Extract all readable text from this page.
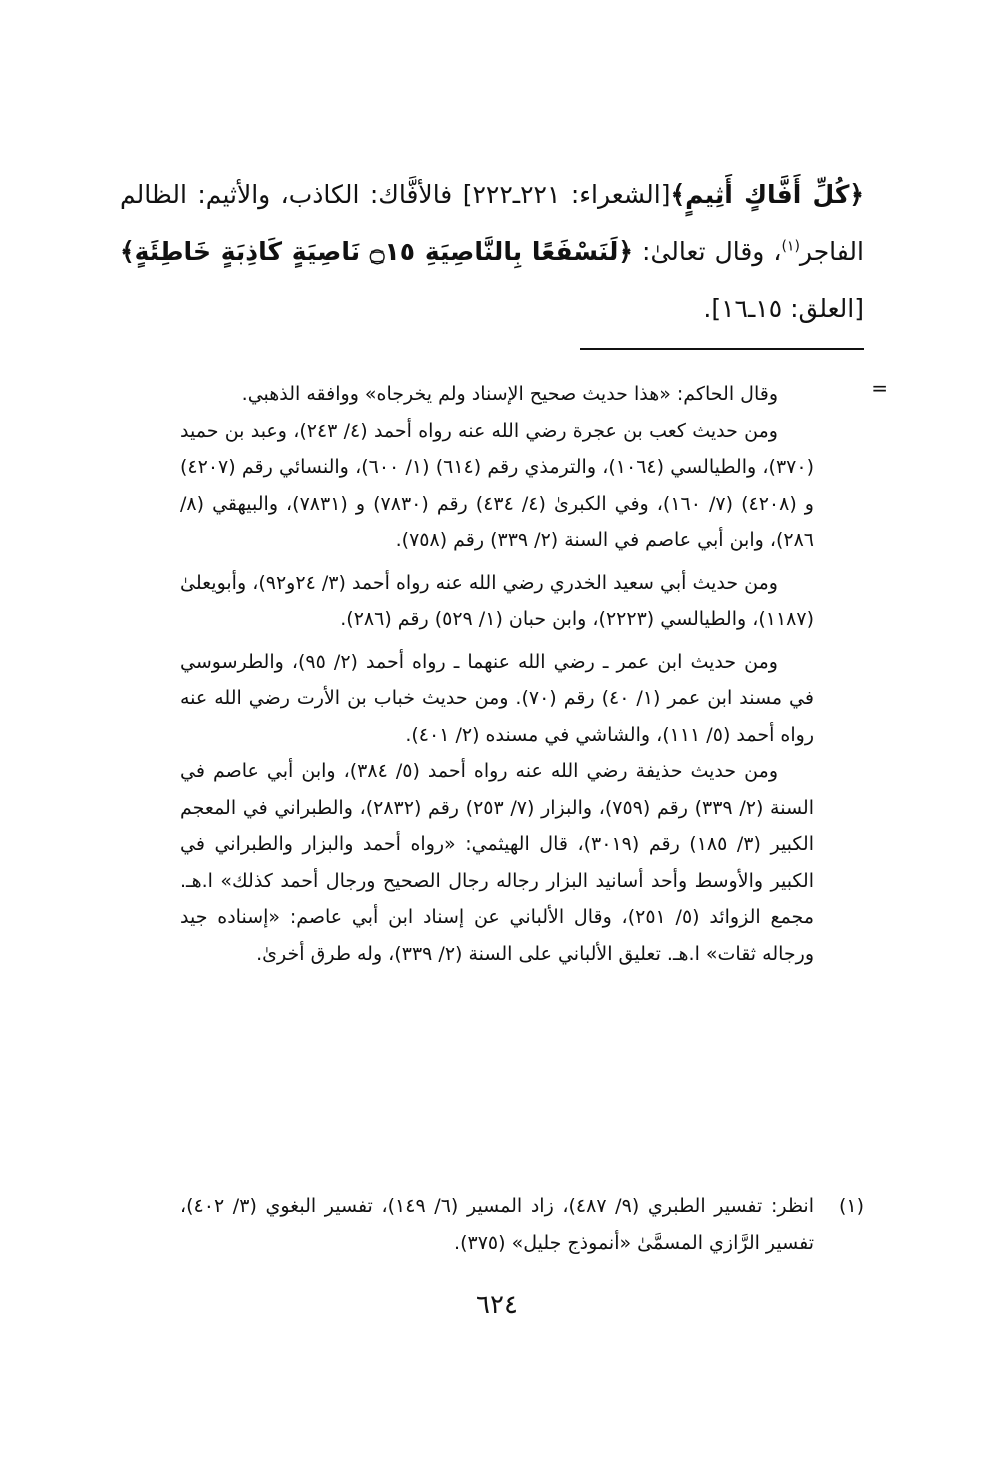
﴿كُلِّ أَفَّاكٍ أَثِيمٍ﴾[الشعراء: ٢٢١ـ٢٢٢] فالأفَّاك: الكاذب، والأثيم: الظالم الفاجر$^{(١)}$، وقال تعالىٰ: ﴿لَنَسْفَعًا بِالنَّاصِيَةِ ۝١٥ نَاصِيَةٍ كَاذِبَةٍ خَاطِئَةٍ﴾[العلق: ١٥ـ١٦].

=

وقال الحاكم: «هذا حديث صحيح الإسناد ولم يخرجاه» ووافقه الذهبي.

ومن حديث كعب بن عجرة رضي الله عنه رواه أحمد (٤/ ٢٤٣)، وعبد بن حميد (٣٧٠)، والطيالسي (١٠٦٤)، والترمذي رقم (٦١٤) (١/ ٦٠٠)، والنسائي رقم (٤٢٠٧) و (٤٢٠٨) (٧/ ١٦٠)، وفي الكبرىٰ (٤/ ٤٣٤) رقم (٧٨٣٠) و (٧٨٣١)، والبيهقي (٨/ ٢٨٦)، وابن أبي عاصم في السنة (٢/ ٣٣٩) رقم (٧٥٨).

ومن حديث أبي سعيد الخدري رضي الله عنه رواه أحمد (٣/ ٢٤و٩٢)، وأبويعلىٰ (١١٨٧)، والطيالسي (٢٢٢٣)، وابن حبان (١/ ٥٢٩) رقم (٢٨٦).

ومن حديث ابن عمر ـ رضي الله عنهما ـ رواه أحمد (٢/ ٩٥)، والطرسوسي في مسند ابن عمر (١/ ٤٠) رقم (٧٠). ومن حديث خباب بن الأرت رضي الله عنه رواه أحمد (٥/ ١١١)، والشاشي في مسنده (٢/ ٤٠١).

ومن حديث حذيفة رضي الله عنه رواه أحمد (٥/ ٣٨٤)، وابن أبي عاصم في السنة (٢/ ٣٣٩) رقم (٧٥٩)، والبزار (٧/ ٢٥٣) رقم (٢٨٣٢)، والطبراني في المعجم الكبير (٣/ ١٨٥) رقم (٣٠١٩)، قال الهيثمي: «رواه أحمد والبزار والطبراني في الكبير والأوسط وأحد أسانيد البزار رجاله رجال الصحيح ورجال أحمد كذلك» ا.هـ. مجمع الزوائد (٥/ ٢٥١)، وقال الألباني عن إسناد ابن أبي عاصم: «إسناده جيد ورجاله ثقات» ا.هـ. تعليق الألباني على السنة (٢/ ٣٣٩)، وله طرق أخرىٰ.

(١)
انظر: تفسير الطبري (٩/ ٤٨٧)، زاد المسير (٦/ ١٤٩)، تفسير البغوي (٣/ ٤٠٢)، تفسير الرَّازي المسمَّىٰ «أنموذج جليل» (٣٧٥).
٦٢٤
